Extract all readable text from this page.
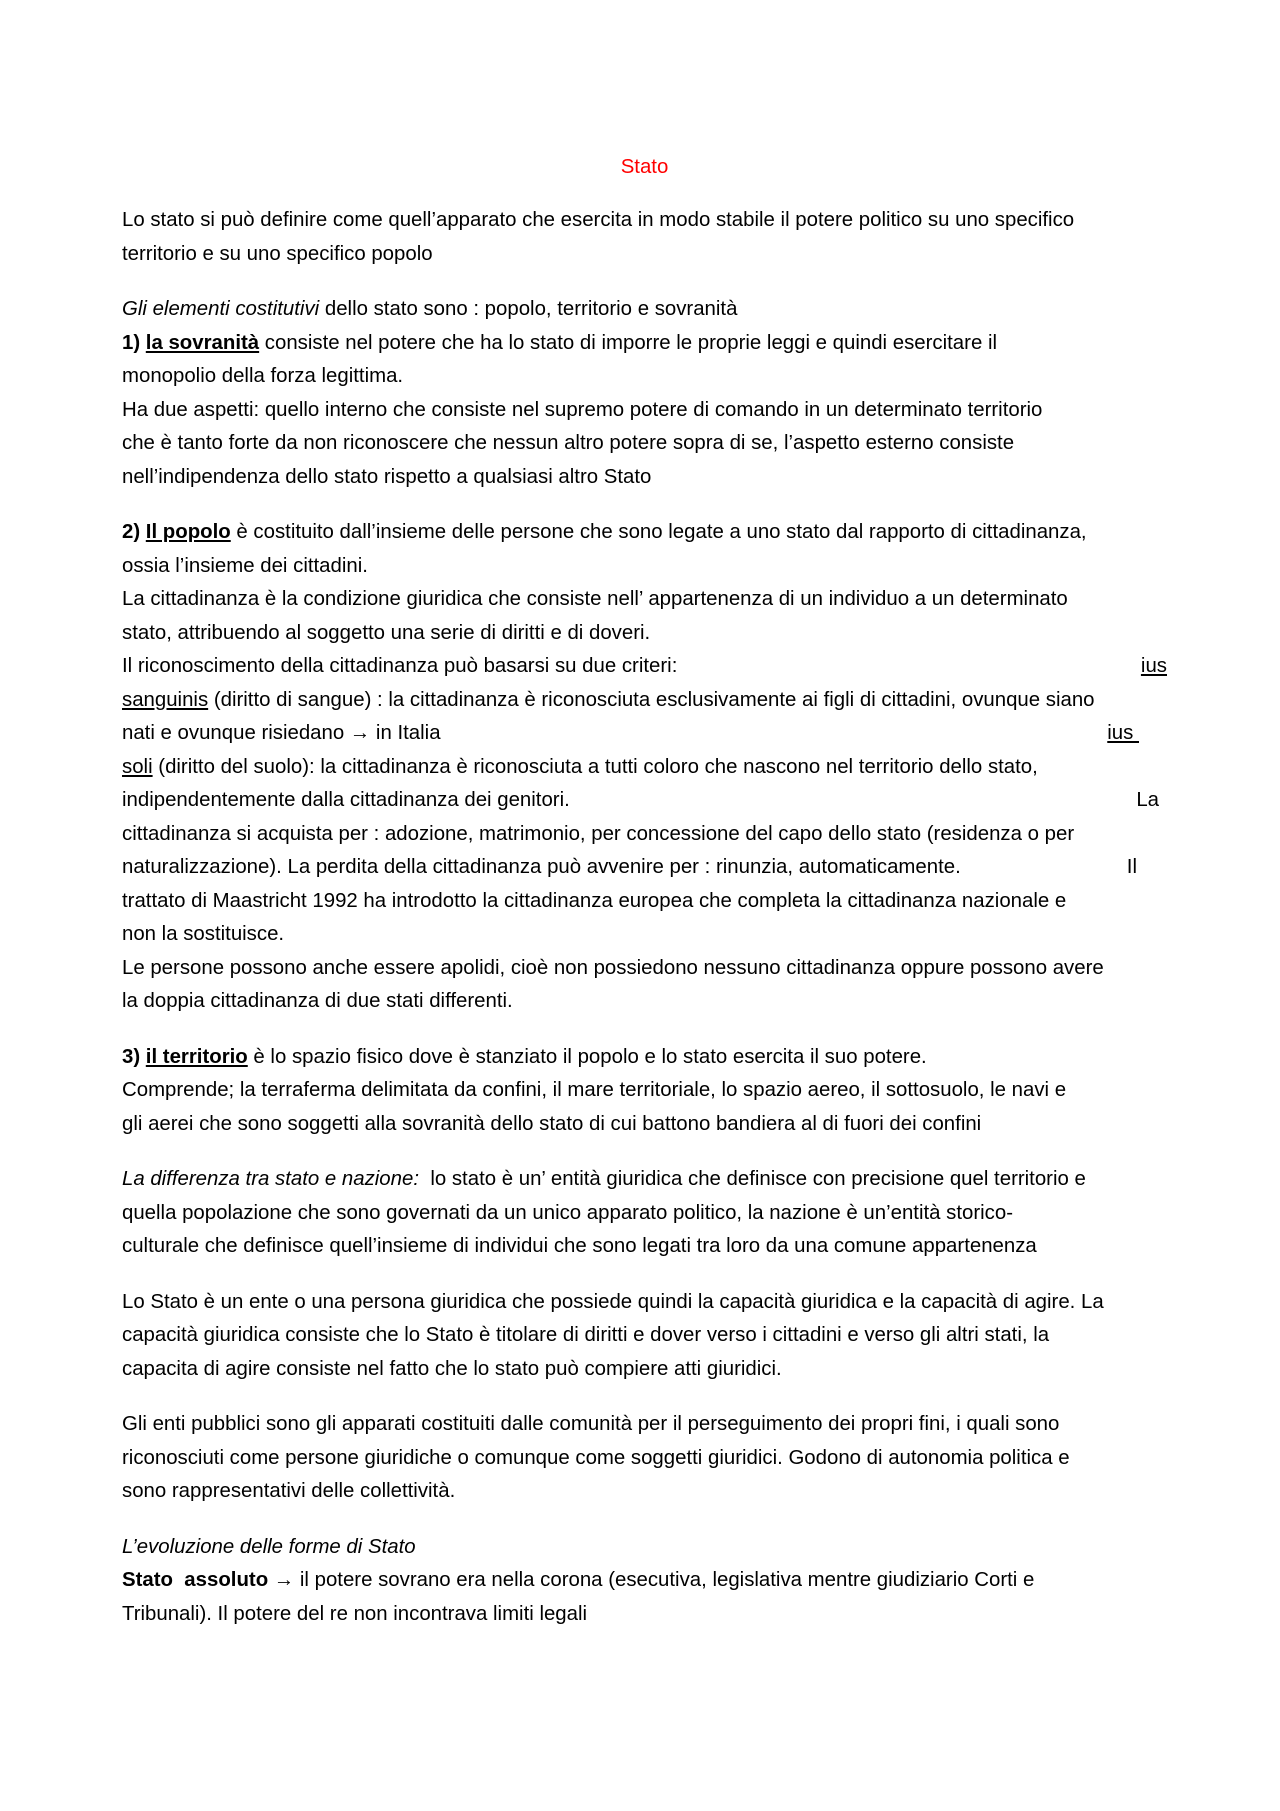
Stato
Lo stato si può definire come quell’apparato che esercita in modo stabile il potere politico su uno specifico
territorio e su uno specifico popolo
Gli elementi costitutivi dello stato sono : popolo, territorio e sovranità
1) la sovranità consiste nel potere che ha lo stato di imporre le proprie leggi e quindi esercitare il
monopolio della forza legittima.
Ha due aspetti: quello interno che consiste nel supremo potere di comando in un determinato territorio
che è tanto forte da non riconoscere che nessun altro potere sopra di se, l’aspetto esterno consiste
nell’indipendenza dello stato rispetto a qualsiasi altro Stato
2) Il popolo è costituito dall’insieme delle persone che sono legate a uno stato dal rapporto di cittadinanza,
ossia l’insieme dei cittadini.
La cittadinanza è la condizione giuridica che consiste nell’ appartenenza di un individuo a un determinato
stato, attribuendo al soggetto una serie di diritti e di doveri.
Il riconoscimento della cittadinanza può basarsi su due criteri:	ius
sanguinis (diritto di sangue) : la cittadinanza è riconosciuta esclusivamente ai figli di cittadini, ovunque siano
nati e ovunque risiedano → in Italia	ius
soli (diritto del suolo): la cittadinanza è riconosciuta a tutti coloro che nascono nel territorio dello stato,
indipendentemente dalla cittadinanza dei genitori.	La
cittadinanza si acquista per : adozione, matrimonio, per concessione del capo dello stato (residenza o per
naturalizzazione). La perdita della cittadinanza può avvenire per : rinunzia, automaticamente.	Il
trattato di Maastricht 1992 ha introdotto la cittadinanza europea che completa la cittadinanza nazionale e
non la sostituisce.
Le persone possono anche essere apolidi, cioè non possiedono nessuno cittadinanza oppure possono avere
la doppia cittadinanza di due stati differenti.
3) il territorio è lo spazio fisico dove è stanziato il popolo e lo stato esercita il suo potere.
Comprende; la terraferma delimitata da confini, il mare territoriale, lo spazio aereo, il sottosuolo, le navi e
gli aerei che sono soggetti alla sovranità dello stato di cui battono bandiera al di fuori dei confini
La differenza tra stato e nazione:  lo stato è un’ entità giuridica che definisce con precisione quel territorio e
quella popolazione che sono governati da un unico apparato politico, la nazione è un’entità storico-
culturale che definisce quell’insieme di individui che sono legati tra loro da una comune appartenenza
Lo Stato è un ente o una persona giuridica che possiede quindi la capacità giuridica e la capacità di agire. La
capacità giuridica consiste che lo Stato è titolare di diritti e dover verso i cittadini e verso gli altri stati, la
capacita di agire consiste nel fatto che lo stato può compiere atti giuridici.
Gli enti pubblici sono gli apparati costituiti dalle comunità per il perseguimento dei propri fini, i quali sono
riconosciuti come persone giuridiche o comunque come soggetti giuridici. Godono di autonomia politica e
sono rappresentativi delle collettività.
L’evoluzione delle forme di Stato
Stato  assoluto → il potere sovrano era nella corona (esecutiva, legislativa mentre giudiziario Corti e
Tribunali). Il potere del re non incontrava limiti legali
